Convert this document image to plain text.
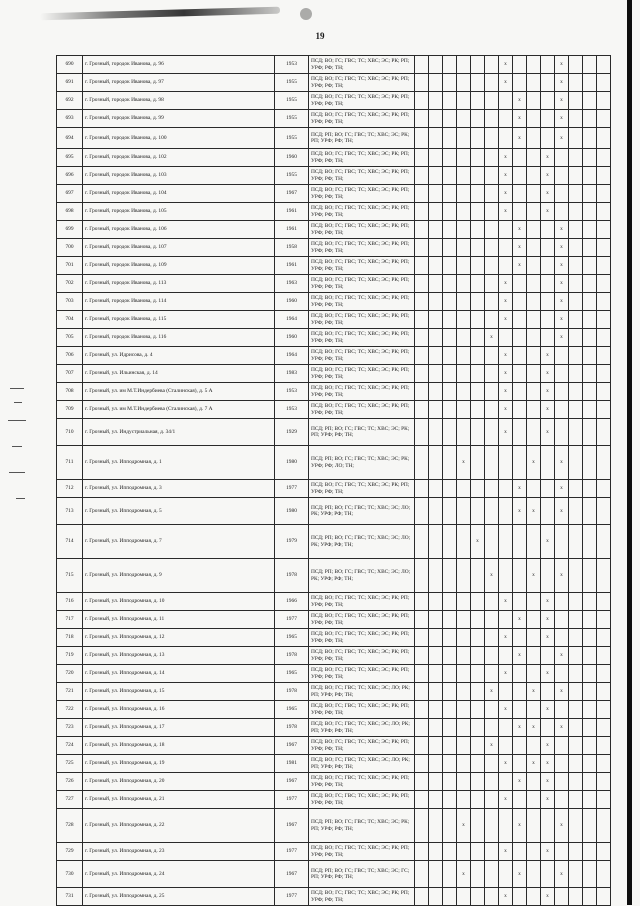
19
690	г. Грозный, городок Иванова, д. 96	1953	ПСД; ВО; ГС; ГВС; ТС; ХВС; ЭС; РК; РП; УРФ; РФ; ТН;							x				x			
691	г. Грозный, городок Иванова, д. 97	1955	ПСД; ВО; ГС; ГВС; ТС; ХВС; ЭС; РК; РП; УРФ; РФ; ТН;							x				x			
692	г. Грозный, городок Иванова, д. 98	1955	ПСД; ВО; ГС; ГВС; ТС; ХВС; ЭС; РК; РП; УРФ; РФ; ТН;								x			x			
693	г. Грозный, городок Иванова, д. 99	1955	ПСД; ВО; ГС; ГВС; ТС; ХВС; ЭС; РК; РП; УРФ; РФ; ТН;								x			x			
694	г. Грозный, городок Иванова, д. 100	1955	ПСД; РП; ВО; ГС; ГВС; ТС; ХВС; ЭС; РК; РП; УРФ; РФ; ТН;								x			x			
695	г. Грозный, городок Иванова, д. 102	1960	ПСД; ВО; ГС; ГВС; ТС; ХВС; ЭС; РК; РП; УРФ; РФ; ТН;							x			x				
696	г. Грозный, городок Иванова, д. 103	1955	ПСД; ВО; ГС; ГВС; ТС; ХВС; ЭС; РК; РП; УРФ; РФ; ТН;							x			x				
697	г. Грозный, городок Иванова, д. 104	1967	ПСД; ВО; ГС; ГВС; ТС; ХВС; ЭС; РК; РП; УРФ; РФ; ТН;							x			x				
698	г. Грозный, городок Иванова, д. 105	1961	ПСД; ВО; ГС; ГВС; ТС; ХВС; ЭС; РК; РП; УРФ; РФ; ТН;							x			x				
699	г. Грозный, городок Иванова, д. 106	1961	ПСД; ВО; ГС; ГВС; ТС; ХВС; ЭС; РК; РП; УРФ; РФ; ТН;								x			x			
700	г. Грозный, городок Иванова, д. 107	1958	ПСД; ВО; ГС; ГВС; ТС; ХВС; ЭС; РК; РП; УРФ; РФ; ТН;								x			x			
701	г. Грозный, городок Иванова, д. 109	1961	ПСД; ВО; ГС; ГВС; ТС; ХВС; ЭС; РК; РП; УРФ; РФ; ТН;								x			x			
702	г. Грозный, городок Иванова, д. 113	1963	ПСД; ВО; ГС; ГВС; ТС; ХВС; ЭС; РК; РП; УРФ; РФ; ТН;							x				x			
703	г. Грозный, городок Иванова, д. 114	1960	ПСД; ВО; ГС; ГВС; ТС; ХВС; ЭС; РК; РП; УРФ; РФ; ТН;							x				x			
704	г. Грозный, городок Иванова, д. 115	1964	ПСД; ВО; ГС; ГВС; ТС; ХВС; ЭС; РК; РП; УРФ; РФ; ТН;							x				x			
705	г. Грозный, городок Иванова, д. 116	1960	ПСД; ВО; ГС; ГВС; ТС; ХВС; ЭС; РК; РП; УРФ; РФ; ТН;						x					x			
706	г. Грозный, ул. Идрисова, д. 4	1964	ПСД; ВО; ГС; ГВС; ТС; ХВС; ЭС; РК; РП; УРФ; РФ; ТН;							x			x				
707	г. Грозный, ул. Ильинская, д. 14	1983	ПСД; ВО; ГС; ГВС; ТС; ХВС; ЭС; РК; РП; УРФ; РФ; ТН;							x			x				
708	г. Грозный, ул. им М.Т.Индербиева (Сталинская), д. 5 А	1953	ПСД; ВО; ГС; ГВС; ТС; ХВС; ЭС; РК; РП; УРФ; РФ; ТН;							x			x				
709	г. Грозный, ул. им М.Т.Индербиева (Сталинская), д. 7 А	1953	ПСД; ВО; ГС; ГВС; ТС; ХВС; ЭС; РК; РП; УРФ; РФ; ТН;							x			x				
710	г. Грозный, ул. Индустриальная, д. 34/1	1929	ПСД; РП; ВО; ГС; ГВС; ТС; ХВС; ЭС; РК; РП; УРФ; РФ; ТН;							x			x				
711	г. Грозный, ул. Ипподромная, д. 1	1980	ПСД; РП; ВО; ГС; ГВС; ТС; ХВС; ЭС; РК; УРФ; РФ; ЛО; ТН;				x					x		x			
712	г. Грозный, ул. Ипподромная, д. 3	1977	ПСД; ВО; ГС; ГВС; ТС; ХВС; ЭС; РК; РП; УРФ; РФ; ТН;								x			x			
713	г. Грозный, ул. Ипподромная, д. 5	1980	ПСД; РП; ВО; ГС; ГВС; ТС; ХВС; ЭС; ЛО; РК; УРФ; РФ; ТН;								x	x		x			
714	г. Грозный, ул. Ипподромная, д. 7	1979	ПСД; РП; ВО; ГС; ГВС; ТС; ХВС; ЭС; ЛО; РК; УРФ; РФ; ТН;					x					x				
715	г. Грозный, ул. Ипподромная, д. 9	1978	ПСД; РП; ВО; ГС; ГВС; ТС; ХВС; ЭС; ЛО; РК; УРФ; РФ; ТН;						x			x		x			
716	г. Грозный, ул. Ипподромная, д. 10	1966	ПСД; ВО; ГС; ГВС; ТС; ХВС; ЭС; РК; РП; УРФ; РФ; ТН;							x			x				
717	г. Грозный, ул. Ипподромная, д. 11	1977	ПСД; ВО; ГС; ГВС; ТС; ХВС; ЭС; РК; РП; УРФ; РФ; ТН;								x		x				
718	г. Грозный, ул. Ипподромная, д. 12	1965	ПСД; ВО; ГС; ГВС; ТС; ХВС; ЭС; РК; РП; УРФ; РФ; ТН;							x			x				
719	г. Грозный, ул. Ипподромная, д. 13	1978	ПСД; ВО; ГС; ГВС; ТС; ХВС; ЭС; РК; РП; УРФ; РФ; ТН;								x			x			
720	г. Грозный, ул. Ипподромная, д. 14	1965	ПСД; ВО; ГС; ГВС; ТС; ХВС; ЭС; РК; РП; УРФ; РФ; ТН;							x			x				
721	г. Грозный, ул. Ипподромная, д. 15	1978	ПСД; ВО; ГС; ГВС; ТС; ХВС; ЭС; ЛО; РК; РП; УРФ; РФ; ТН;						x			x		x			
722	г. Грозный, ул. Ипподромная, д. 16	1965	ПСД; ВО; ГС; ГВС; ТС; ХВС; ЭС; РК; РП; УРФ; РФ; ТН;							x			x				
723	г. Грозный, ул. Ипподромная, д. 17	1978	ПСД; ВО; ГС; ГВС; ТС; ХВС; ЭС; ЛО; РК; РП; УРФ; РФ; ТН;								x	x		x			
724	г. Грозный, ул. Ипподромная, д. 18	1967	ПСД; ВО; ГС; ГВС; ТС; ХВС; ЭС; РК; РП; УРФ; РФ; ТН;						x				x				
725	г. Грозный, ул. Ипподромная, д. 19	1981	ПСД; ВО; ГС; ГВС; ТС; ХВС; ЭС; ЛО; РК; РП; УРФ; РФ; ТН;							x		x	x				
726	г. Грозный, ул. Ипподромная, д. 20	1967	ПСД; ВО; ГС; ГВС; ТС; ХВС; ЭС; РК; РП; УРФ; РФ; ТН;								x		x				
727	г. Грозный, ул. Ипподромная, д. 21	1977	ПСД; ВО; ГС; ГВС; ТС; ХВС; ЭС; РК; РП; УРФ; РФ; ТН;							x			x				
728	г. Грозный, ул. Ипподромная, д. 22	1967	ПСД; РП; ВО; ГС; ГВС; ТС; ХВС; ЭС; РК; РП; УРФ; РФ; ТН;				x				x			x			
729	г. Грозный, ул. Ипподромная, д. 23	1977	ПСД; ВО; ГС; ГВС; ТС; ХВС; ЭС; РК; РП; УРФ; РФ; ТН;							x			x				
730	г. Грозный, ул. Ипподромная, д. 24	1967	ПСД; РП; ВО; ГС; ГВС; ТС; ХВС; ЭС; ГС; РП; УРФ; РФ; ТН;				x				x			x			
731	г. Грозный, ул. Ипподромная, д. 25	1977	ПСД; ВО; ГС; ГВС; ТС; ХВС; ЭС; РК; РП; УРФ; РФ; ТН;							x			x				
